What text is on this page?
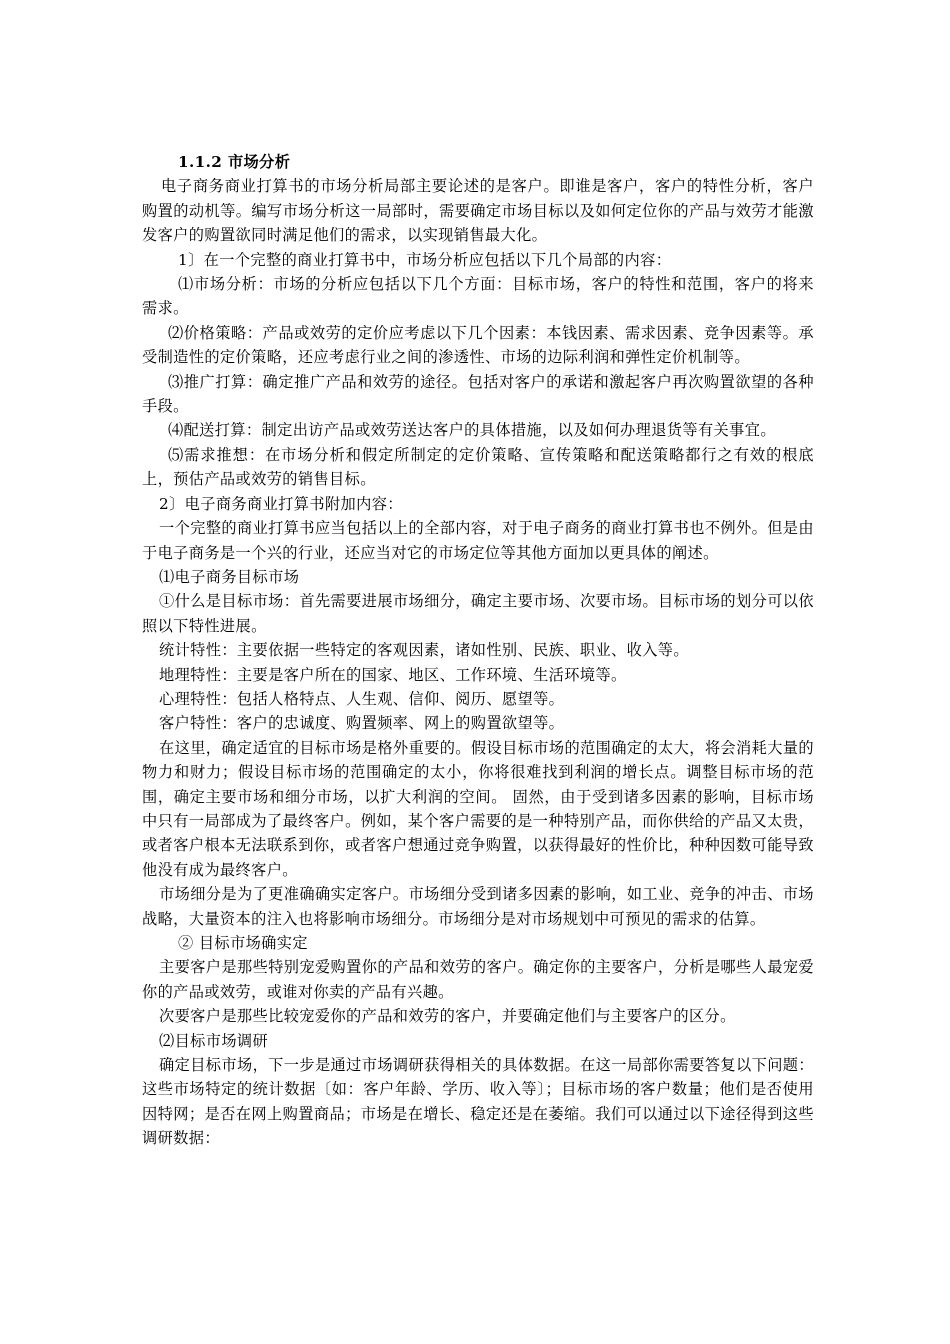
1.1.2 市场分析

电子商务商业打算书的市场分析局部主要论述的是客户。即谁是客户，客户的特性分析，客户购置的动机等。编写市场分析这一局部时，需要确定市场目标以及如何定位你的产品与效劳才能激发客户的购置欲同时满足他们的需求，以实现销售最大化。

1〕在一个完整的商业打算书中，市场分析应包括以下几个局部的内容：

⑴市场分析：市场的分析应包括以下几个方面：目标市场，客户的特性和范围，客户的将来需求。

⑵价格策略：产品或效劳的定价应考虑以下几个因素：本钱因素、需求因素、竞争因素等。承受制造性的定价策略，还应考虑行业之间的渗透性、市场的边际利润和弹性定价机制等。

⑶推广打算：确定推广产品和效劳的途径。包括对客户的承诺和激起客户再次购置欲望的各种手段。

⑷配送打算：制定出访产品或效劳送达客户的具体措施，以及如何办理退货等有关事宜。

⑸需求推想：在市场分析和假定所制定的定价策略、宣传策略和配送策略都行之有效的根底上，预估产品或效劳的销售目标。

2〕电子商务商业打算书附加内容：

一个完整的商业打算书应当包括以上的全部内容，对于电子商务的商业打算书也不例外。但是由于电子商务是一个兴的行业，还应当对它的市场定位等其他方面加以更具体的阐述。

⑴电子商务目标市场

①什么是目标市场：首先需要进展市场细分，确定主要市场、次要市场。目标市场的划分可以依照以下特性进展。

统计特性：主要依据一些特定的客观因素，诸如性别、民族、职业、收入等。

地理特性：主要是客户所在的国家、地区、工作环境、生活环境等。

心理特性：包括人格特点、人生观、信仰、阅历、愿望等。

客户特性：客户的忠诚度、购置频率、网上的购置欲望等。

在这里，确定适宜的目标市场是格外重要的。假设目标市场的范围确定的太大，将会消耗大量的物力和财力；假设目标市场的范围确定的太小，你将很难找到利润的增长点。调整目标市场的范围，确定主要市场和细分市场，以扩大利润的空间。 固然，由于受到诸多因素的影响，目标市场中只有一局部成为了最终客户。例如，某个客户需要的是一种特别产品，而你供给的产品又太贵，或者客户根本无法联系到你，或者客户想通过竞争购置，以获得最好的性价比，种种因数可能导致他没有成为最终客户。

市场细分是为了更准确确实定客户。市场细分受到诸多因素的影响，如工业、竞争的冲击、市场战略，大量资本的注入也将影响市场细分。市场细分是对市场规划中可预见的需求的估算。

② 目标市场确实定

主要客户是那些特别宠爱购置你的产品和效劳的客户。确定你的主要客户，分析是哪些人最宠爱你的产品或效劳，或谁对你卖的产品有兴趣。

次要客户是那些比较宠爱你的产品和效劳的客户，并要确定他们与主要客户的区分。

⑵目标市场调研

确定目标市场，下一步是通过市场调研获得相关的具体数据。在这一局部你需要答复以下问题：这些市场特定的统计数据〔如：客户年龄、学历、收入等〕；目标市场的客户数量；他们是否使用因特网；是否在网上购置商品；市场是在增长、稳定还是在萎缩。我们可以通过以下途径得到这些调研数据：
